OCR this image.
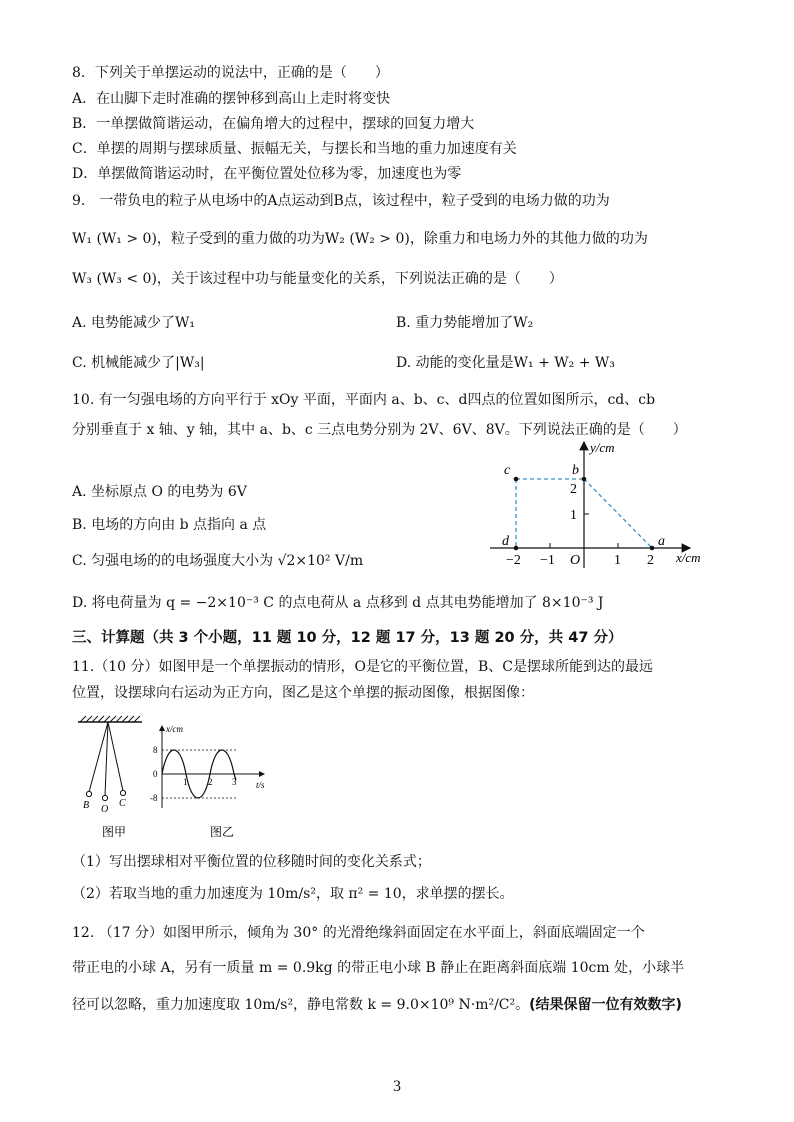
8．下列关于单摆运动的说法中，正确的是（　　）
A．在山脚下走时准确的摆钟移到高山上走时将变快
B．一单摆做简谐运动，在偏角增大的过程中，摆球的回复力增大
C．单摆的周期与摆球质量、振幅无关，与摆长和当地的重力加速度有关
D．单摆做简谐运动时，在平衡位置处位移为零，加速度也为零
9． 一带负电的粒子从电场中的A点运动到B点，该过程中，粒子受到的电场力做的功为
W₁ (W₁ > 0)，粒子受到的重力做的功为W₂ (W₂ > 0)，除重力和电场力外的其他力做的功为
W₃ (W₃ < 0)，关于该过程中功与能量变化的关系，下列说法正确的是（　　）
A. 电势能减少了W₁	B. 重力势能增加了W₂
C. 机械能减少了|W₃|	D. 动能的变化量是W₁ + W₂ + W₃
10. 有一匀强电场的方向平行于 xOy 平面，平面内 a、b、c、d四点的位置如图所示，cd、cb
分别垂直于 x 轴、y 轴，其中 a、b、c 三点电势分别为 2V、6V、8V。下列说法正确的是（　　）
A. 坐标原点 O 的电势为 6V
B. 电场的方向由 b 点指向 a 点
C. 匀强电场的的电场强度大小为 √2×10² V/m
D. 将电荷量为 q = −2×10⁻³ C 的点电荷从 a 点移到 d 点其电势能增加了 8×10⁻³ J
y/cm
x/cm
c	b
d	a
2
1
−2 −1 O 1 2
三、计算题（共 3 个小题，11 题 10 分，12 题 17 分，13 题 20 分，共 47 分）
11.（10 分）如图甲是一个单摆振动的情形，O是它的平衡位置，B、C是摆球所能到达的最远
位置，设摆球向右运动为正方向，图乙是这个单摆的振动图像，根据图像：
B O
C
图甲
x/cm
t/s
8
0
-8
1 2 3
图乙
（1）写出摆球相对平衡位置的位移随时间的变化关系式；
（2）若取当地的重力加速度为 10m/s²，取 π² = 10，求单摆的摆长。
12. （17 分）如图甲所示，倾角为 30° 的光滑绝缘斜面固定在水平面上，斜面底端固定一个
带正电的小球 A，另有一质量 m = 0.9kg 的带正电小球 B 静止在距离斜面底端 10cm 处，小球半
径可以忽略，重力加速度取 10m/s²，静电常数 k = 9.0×10⁹ N·m²/C²。(结果保留一位有效数字)
3
